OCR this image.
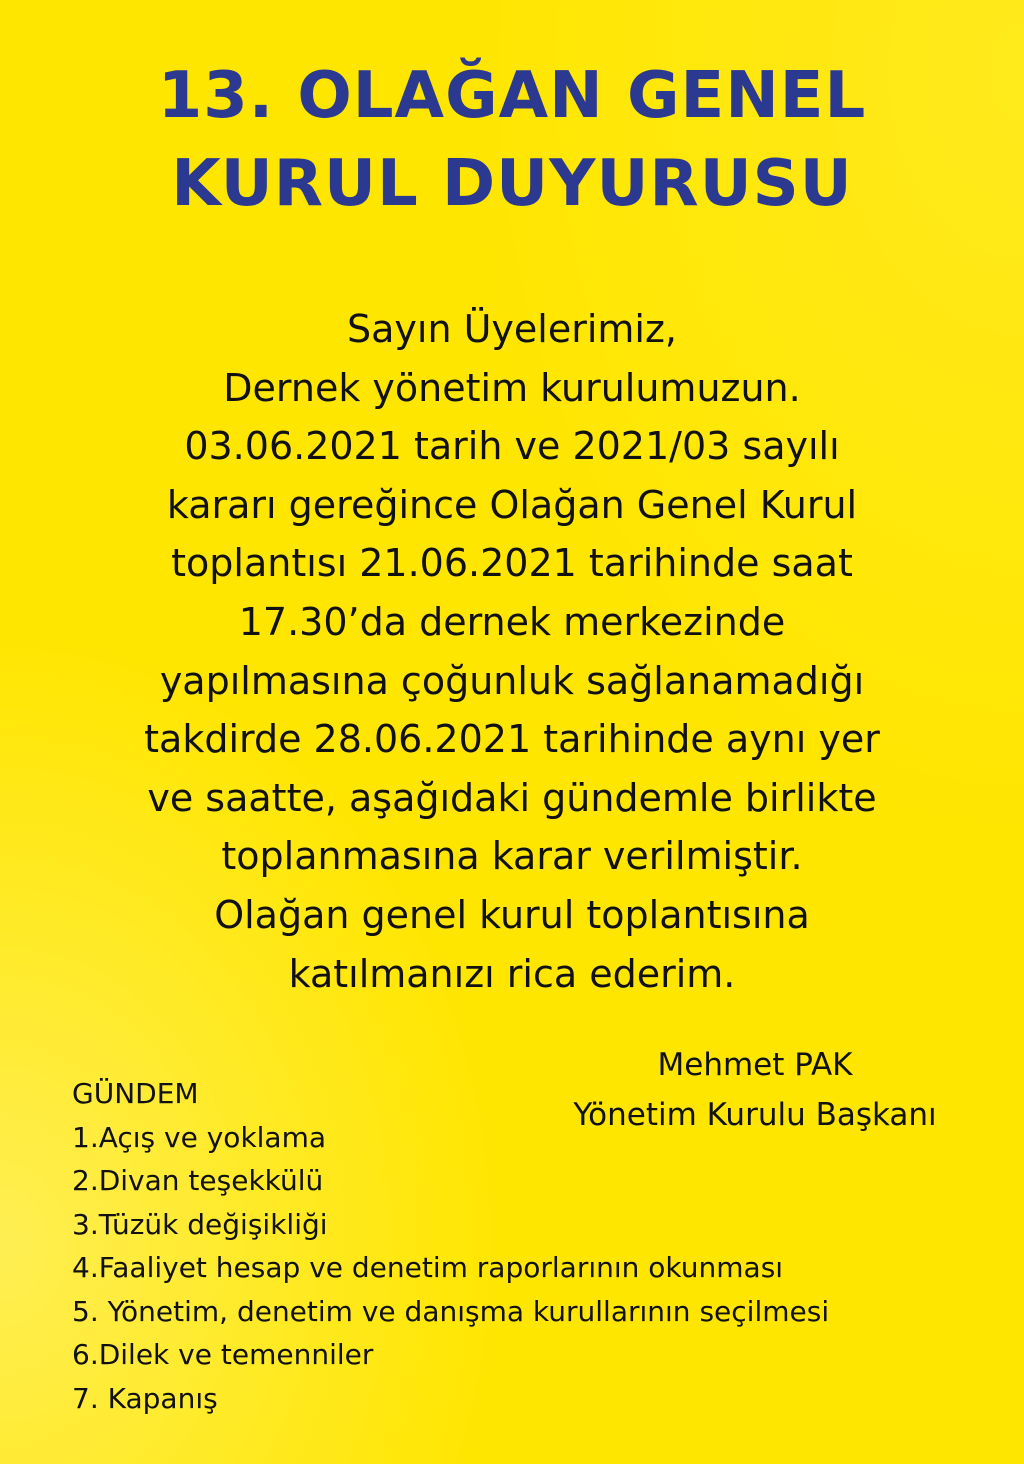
13. OLAĞAN GENEL
KURUL DUYURUSU
Sayın Üyelerimiz,
Dernek yönetim kurulumuzun.
03.06.2021 tarih ve 2021/03 sayılı
kararı gereğince Olağan Genel Kurul
toplantısı 21.06.2021 tarihinde saat
17.30’da dernek merkezinde
yapılmasına çoğunluk sağlanamadığı
takdirde 28.06.2021 tarihinde aynı yer
ve saatte, aşağıdaki gündemle birlikte
toplanmasına karar verilmiştir.
Olağan genel kurul toplantısına
katılmanızı rica ederim.
Mehmet PAK
Yönetim Kurulu Başkanı
GÜNDEM
1.Açış ve yoklama
2.Divan teşekkülü
3.Tüzük değişikliği
4.Faaliyet hesap ve denetim raporlarının okunması
5. Yönetim, denetim ve danışma kurullarının seçilmesi
6.Dilek ve temenniler
7. Kapanış
